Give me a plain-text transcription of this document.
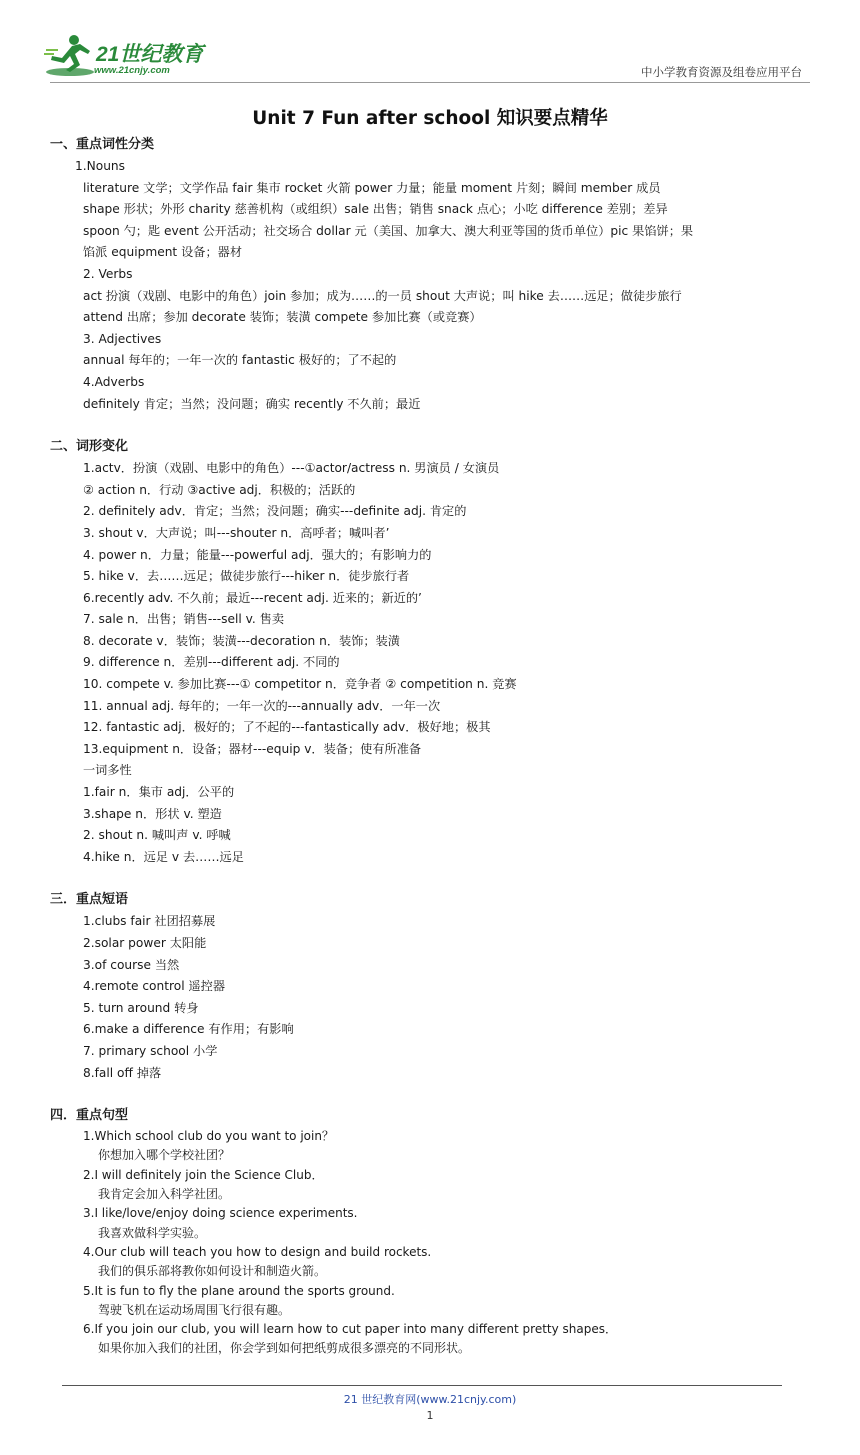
21世纪教育
www.21cnjy.com	中小学教育资源及组卷应用平台
Unit 7 Fun after school 知识要点精华
一、重点词性分类
1.Nouns
literature 文学；文学作品 fair 集市 rocket 火箭 power 力量；能量 moment 片刻；瞬间 member 成员
shape 形状；外形 charity 慈善机构（或组织）sale 出售；销售 snack 点心；小吃 difference 差别；差异
spoon 勺；匙 event 公开活动；社交场合 dollar 元（美国、加拿大、澳大利亚等国的货币单位）pic 果馅饼；果
馅派 equipment 设备；器材
2. Verbs
act 扮演（戏剧、电影中的角色）join 参加；成为……的一员 shout 大声说；叫 hike 去……远足；做徒步旅行
attend 出席；参加 decorate 装饰；装潢 compete 参加比赛（或竞赛）
3. Adjectives
annual 每年的；一年一次的 fantastic 极好的；了不起的
4.Adverbs
definitely 肯定；当然；没问题；确实 recently 不久前；最近
二、词形变化
1.actv．扮演（戏剧、电影中的角色）---①actor/actress n. 男演员 / 女演员
② action n．行动 ③active adj．积极的；活跃的
2. definitely adv．肯定；当然；没问题；确实---definite adj. 肯定的
3. shout v．大声说；叫---shouter n．高呼者；喊叫者’
4. power n．力量；能量---powerful adj．强大的；有影响力的
5. hike v．去……远足；做徒步旅行---hiker n．徒步旅行者
6.recently adv. 不久前；最近---recent adj. 近来的；新近的’
7. sale n．出售；销售---sell v. 售卖
8. decorate v．装饰；装潢---decoration n．装饰；装潢
9. difference n．差别---different adj. 不同的
10. compete v. 参加比赛---① competitor n．竞争者 ② competition n. 竞赛
11. annual adj. 每年的；一年一次的---annually adv．一年一次
12. fantastic adj．极好的；了不起的---fantastically adv．极好地；极其
13.equipment n．设备；器材---equip v．装备；使有所准备
一词多性
1.fair n．集市 adj．公平的
3.shape n．形状 v. 塑造
2. shout n. 喊叫声 v. 呼喊
4.hike n．远足 v 去……远足
三．重点短语
1.clubs fair 社团招募展
2.solar power 太阳能
3.of course 当然
4.remote control 遥控器
5. turn around 转身
6.make a difference 有作用；有影响
7. primary school 小学
8.fall off 掉落
四．重点句型
1.Which school club do you want to join？
你想加入哪个学校社团？
2.I will definitely join the Science Club．
我肯定会加入科学社团。
3.I like/love/enjoy doing science experiments.
我喜欢做科学实验。
4.Our club will teach you how to design and build rockets.
我们的俱乐部将教你如何设计和制造火箭。
5.It is fun to fly the plane around the sports ground.
驾驶飞机在运动场周围飞行很有趣。
6.If you join our club, you will learn how to cut paper into many different pretty shapes．
如果你加入我们的社团，你会学到如何把纸剪成很多漂亮的不同形状。
21 世纪教育网(www.21cnjy.com)
1
